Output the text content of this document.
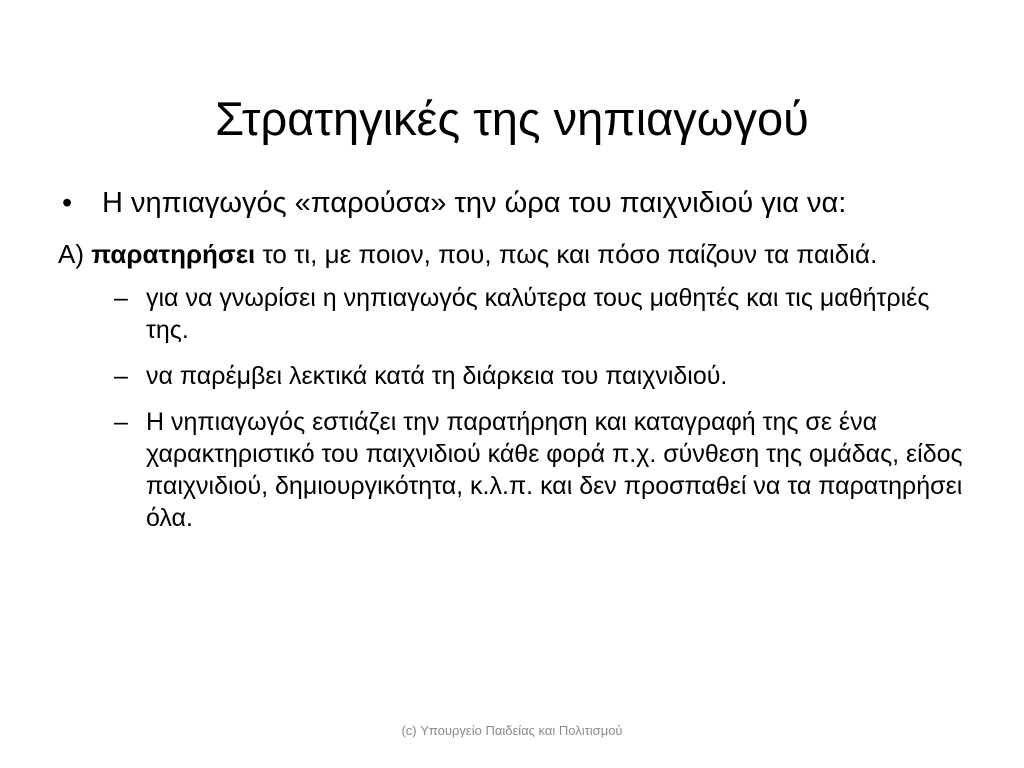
Στρατηγικές της νηπιαγωγού
• Η νηπιαγωγός «παρούσα» την ώρα του παιχνιδιού για να:
Α) παρατηρήσει το τι, με ποιον, που, πως και πόσο παίζουν τα παιδιά.
– για να γνωρίσει η νηπιαγωγός καλύτερα τους μαθητές και τις μαθήτριές της.
– να παρέμβει λεκτικά κατά τη διάρκεια του παιχνιδιού.
– Η νηπιαγωγός εστιάζει την παρατήρηση και καταγραφή της σε ένα χαρακτηριστικό του παιχνιδιού κάθε φορά π.χ. σύνθεση της ομάδας, είδος παιχνιδιού, δημιουργικότητα, κ.λ.π. και δεν προσπαθεί να τα παρατηρήσει όλα.
(c) Υπουργείο Παιδείας και Πολιτισμού
